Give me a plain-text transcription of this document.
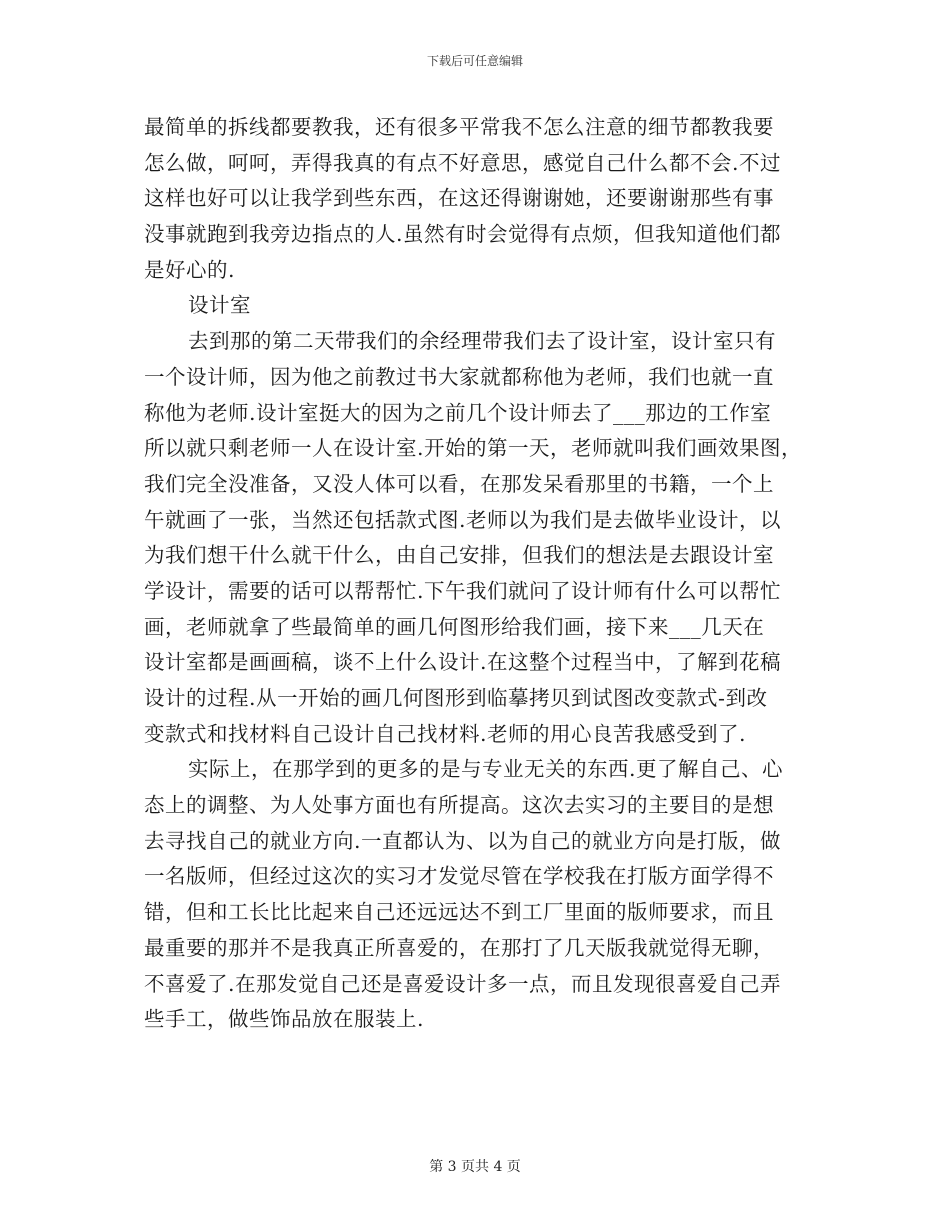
下载后可任意编辑
最简单的拆线都要教我，还有很多平常我不怎么注意的细节都教我要
怎么做，呵呵，弄得我真的有点不好意思，感觉自己什么都不会.不过
这样也好可以让我学到些东西，在这还得谢谢她，还要谢谢那些有事
没事就跑到我旁边指点的人.虽然有时会觉得有点烦，但我知道他们都
是好心的.
设计室
去到那的第二天带我们的余经理带我们去了设计室，设计室只有
一个设计师，因为他之前教过书大家就都称他为老师，我们也就一直
称他为老师.设计室挺大的因为之前几个设计师去了___那边的工作室
所以就只剩老师一人在设计室.开始的第一天，老师就叫我们画效果图，
我们完全没准备，又没人体可以看，在那发呆看那里的书籍，一个上
午就画了一张，当然还包括款式图.老师以为我们是去做毕业设计，以
为我们想干什么就干什么，由自己安排，但我们的想法是去跟设计室
学设计，需要的话可以帮帮忙.下午我们就问了设计师有什么可以帮忙
画，老师就拿了些最简单的画几何图形给我们画，接下来___几天在
设计室都是画画稿，谈不上什么设计.在这整个过程当中，了解到花稿
设计的过程.从一开始的画几何图形到临摹拷贝到试图改变款式-到改
变款式和找材料自己设计自己找材料.老师的用心良苦我感受到了.
实际上，在那学到的更多的是与专业无关的东西.更了解自己、心
态上的调整、为人处事方面也有所提高。这次去实习的主要目的是想
去寻找自己的就业方向.一直都认为、以为自己的就业方向是打版，做
一名版师，但经过这次的实习才发觉尽管在学校我在打版方面学得不
错，但和工长比比起来自己还远远达不到工厂里面的版师要求，而且
最重要的那并不是我真正所喜爱的，在那打了几天版我就觉得无聊，
不喜爱了.在那发觉自己还是喜爱设计多一点，而且发现很喜爱自己弄
些手工，做些饰品放在服装上.
第 3 页共 4 页
